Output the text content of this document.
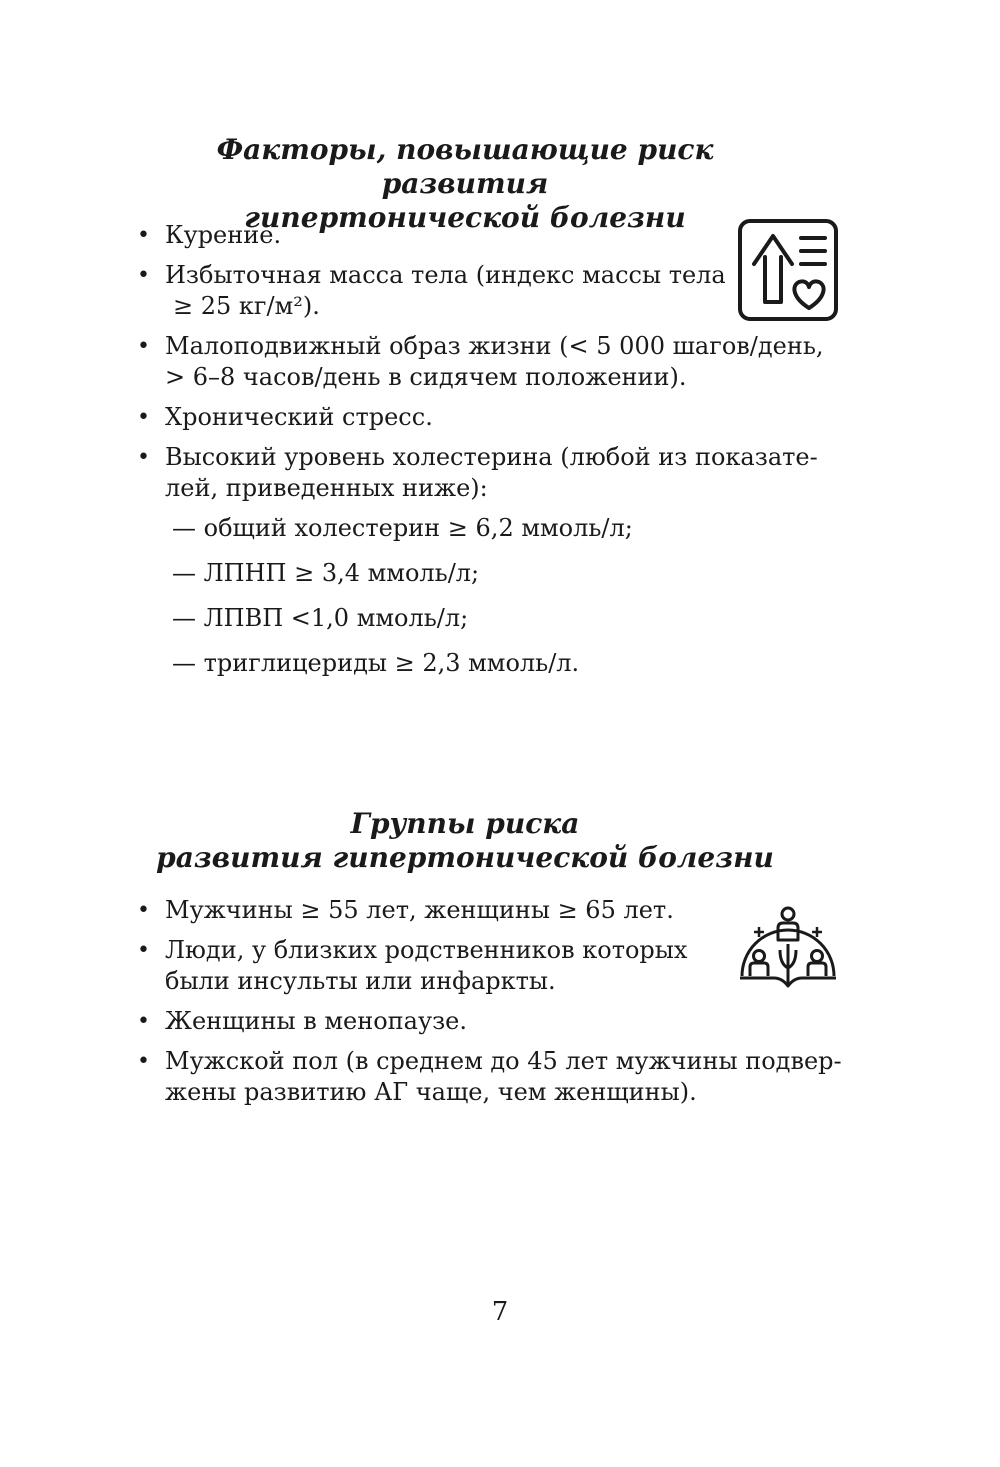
Факторы, повышающие риск развития
гипертонической болезни
• Курение.
• Избыточная масса тела (индекс массы тела
≥ 25 кг/м²).
• Малоподвижный образ жизни (< 5 000 шагов/день,
> 6–8 часов/день в сидячем положении).
• Хронический стресс.
• Высокий уровень холестерина (любой из показате-
лей, приведенных ниже):
— общий холестерин ≥ 6,2 ммоль/л;
— ЛПНП ≥ 3,4 ммоль/л;
— ЛПВП <1,0 ммоль/л;
— триглицериды ≥ 2,3 ммоль/л.
Группы риска
развития гипертонической болезни
• Мужчины ≥ 55 лет, женщины ≥ 65 лет.
• Люди, у близких родственников которых
были инсульты или инфаркты.
• Женщины в менопаузе.
• Мужской пол (в среднем до 45 лет мужчины подвер-
жены развитию АГ чаще, чем женщины).

7
